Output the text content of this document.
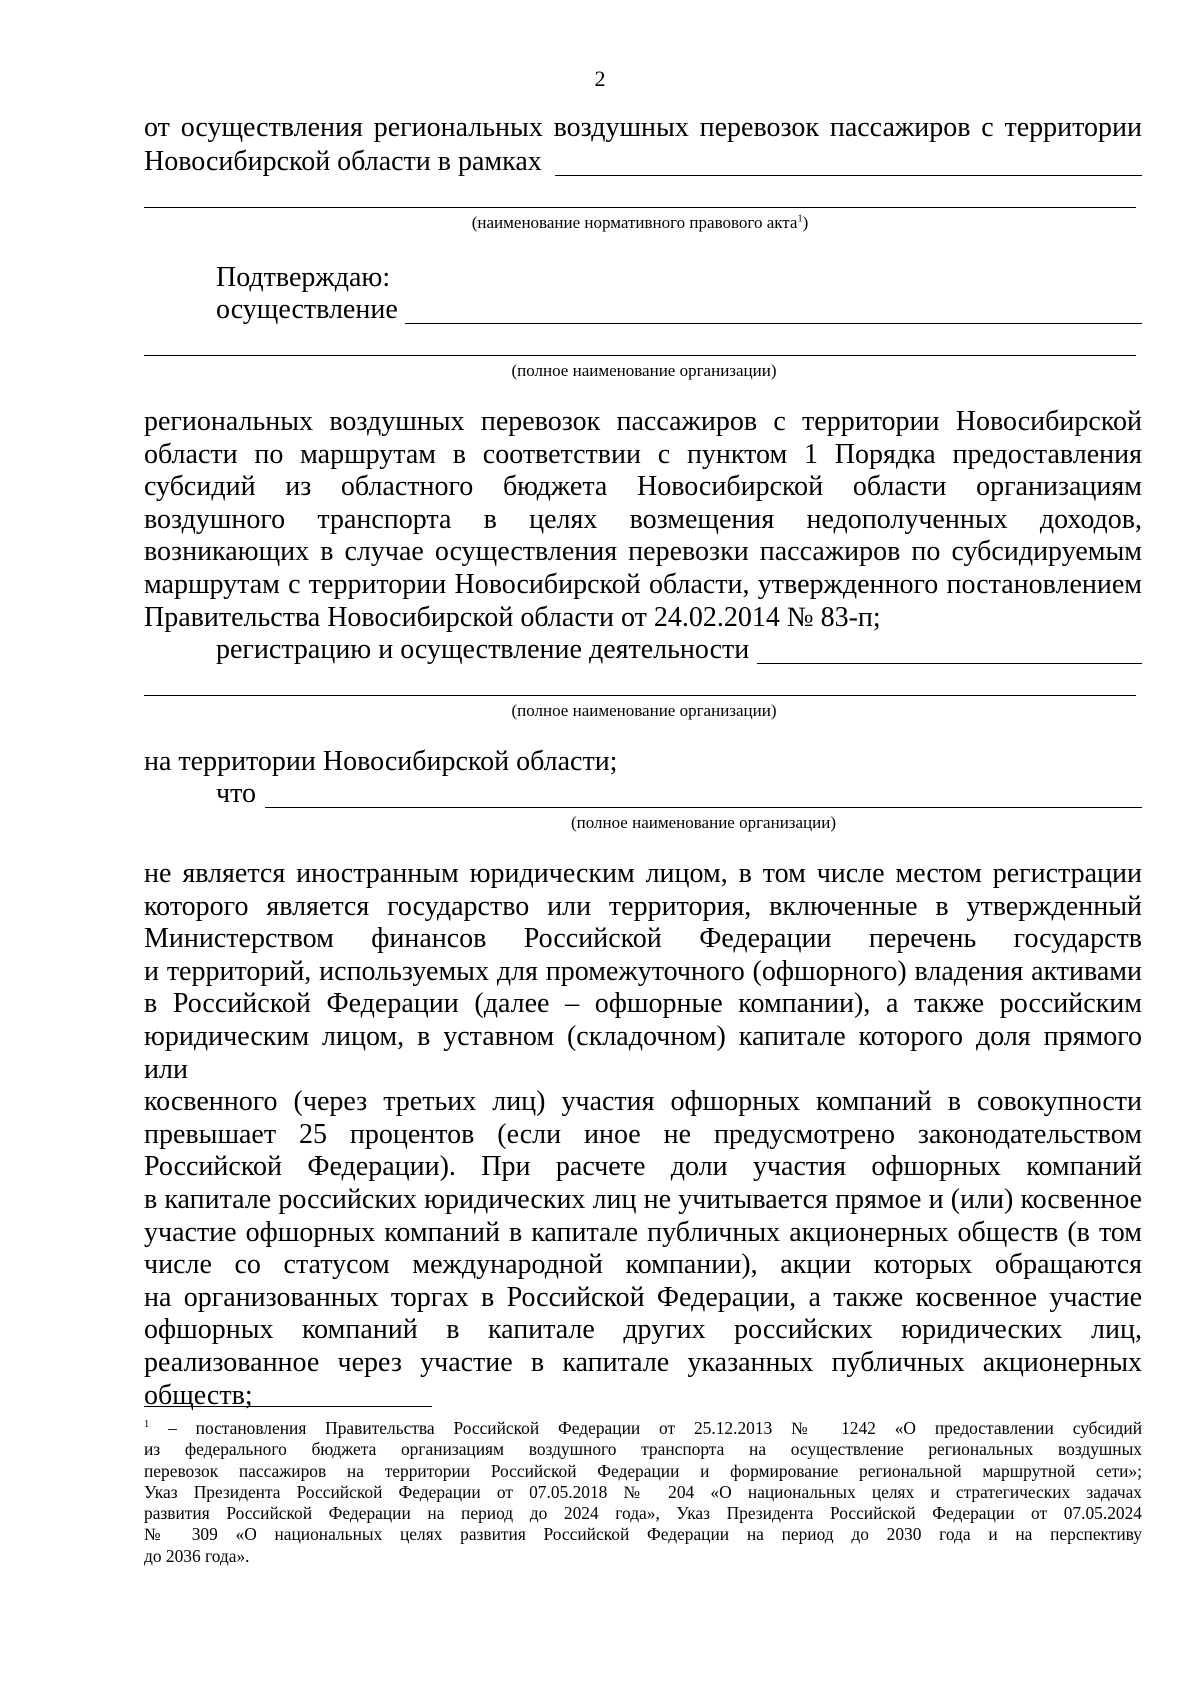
2
от осуществления региональных воздушных перевозок пассажиров с территории
Новосибирской области в рамках
(наименование нормативного правового акта$^1$)
Подтверждаю:
осуществление
(полное наименование организации)
региональных воздушных перевозок пассажиров с территории Новосибирской
области по маршрутам в соответствии с пунктом 1 Порядка предоставления
субсидий из областного бюджета Новосибирской области организациям
воздушного транспорта в целях возмещения недополученных доходов,
возникающих в случае осуществления перевозки пассажиров по субсидируемым
маршрутам с территории Новосибирской области, утвержденного постановлением
Правительства Новосибирской области от 24.02.2014 № 83-п;
регистрацию и осуществление деятельности
(полное наименование организации)
на территории Новосибирской области;
что
(полное наименование организации)
не является иностранным юридическим лицом, в том числе местом регистрации
которого является государство или территория, включенные в утвержденный
Министерством финансов Российской Федерации перечень государств
и территорий, используемых для промежуточного (офшорного) владения активами
в Российской Федерации (далее – офшорные компании), а также российским
юридическим лицом, в уставном (складочном) капитале которого доля прямого или
косвенного (через третьих лиц) участия офшорных компаний в совокупности
превышает 25 процентов (если иное не предусмотрено законодательством
Российской Федерации). При расчете доли участия офшорных компаний
в капитале российских юридических лиц не учитывается прямое и (или) косвенное
участие офшорных компаний в капитале публичных акционерных обществ (в том
числе со статусом международной компании), акции которых обращаются
на организованных торгах в Российской Федерации, а также косвенное участие
офшорных компаний в капитале других российских юридических лиц,
реализованное через участие в капитале указанных публичных акционерных
обществ;
$^1$ – постановления Правительства Российской Федерации от 25.12.2013 № 1242 «О предоставлении субсидий
из федерального бюджета организациям воздушного транспорта на осуществление региональных воздушных
перевозок пассажиров на территории Российской Федерации и формирование региональной маршрутной сети»;
Указ Президента Российской Федерации от 07.05.2018 № 204 «О национальных целях и стратегических задачах
развития Российской Федерации на период до 2024 года», Указ Президента Российской Федерации от 07.05.2024
№ 309 «О национальных целях развития Российской Федерации на период до 2030 года и на перспективу
до 2036 года».
